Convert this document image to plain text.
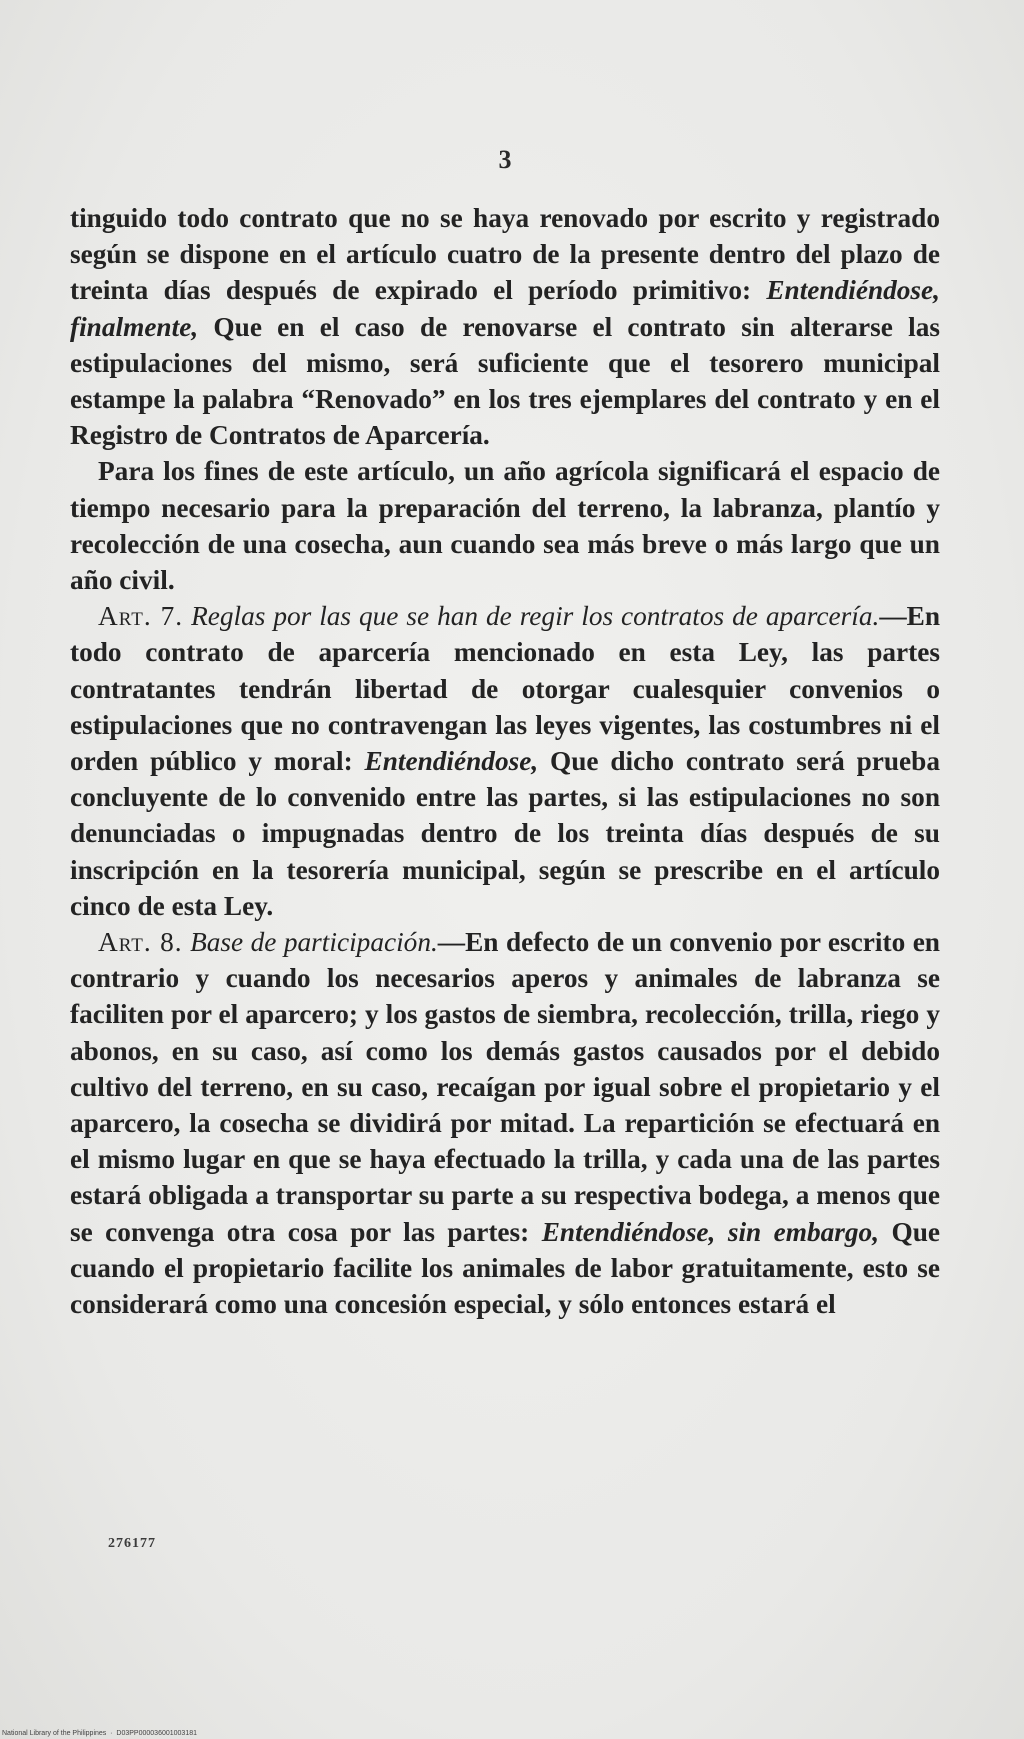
3

tinguido todo contrato que no se haya renovado por escrito y registrado según se dispone en el artículo cuatro de la presente dentro del plazo de treinta días después de expirado el período primitivo: Entendiéndose, finalmente, Que en el caso de renovarse el contrato sin alterarse las estipulaciones del mismo, será suficiente que el tesorero municipal estampe la palabra “Renovado” en los tres ejemplares del contrato y en el Registro de Contratos de Aparcería.

Para los fines de este artículo, un año agrícola significará el espacio de tiempo necesario para la preparación del terreno, la labranza, plantío y recolección de una cosecha, aun cuando sea más breve o más largo que un año civil.

Art. 7. Reglas por las que se han de regir los contratos de aparcería.—En todo contrato de aparcería mencionado en esta Ley, las partes contratantes tendrán libertad de otorgar cualesquier convenios o estipulaciones que no contravengan las leyes vigentes, las costumbres ni el orden público y moral: Entendiéndose, Que dicho contrato será prueba concluyente de lo convenido entre las partes, si las estipulaciones no son denunciadas o impugnadas dentro de los treinta días después de su inscripción en la tesorería municipal, según se prescribe en el artículo cinco de esta Ley.

Art. 8. Base de participación.—En defecto de un convenio por escrito en contrario y cuando los necesarios aperos y animales de labranza se faciliten por el aparcero; y los gastos de siembra, recolección, trilla, riego y abonos, en su caso, así como los demás gastos causados por el debido cultivo del terreno, en su caso, recaígan por igual sobre el propietario y el aparcero, la cosecha se dividirá por mitad. La repartición se efectuará en el mismo lugar en que se haya efectuado la trilla, y cada una de las partes estará obligada a transportar su parte a su respectiva bodega, a menos que se convenga otra cosa por las partes: Entendiéndose, sin embargo, Que cuando el propietario facilite los animales de labor gratuitamente, esto se considerará como una concesión especial, y sólo entonces estará el

276177
National Library of the Philippines  ·  D03PP000036001003181
